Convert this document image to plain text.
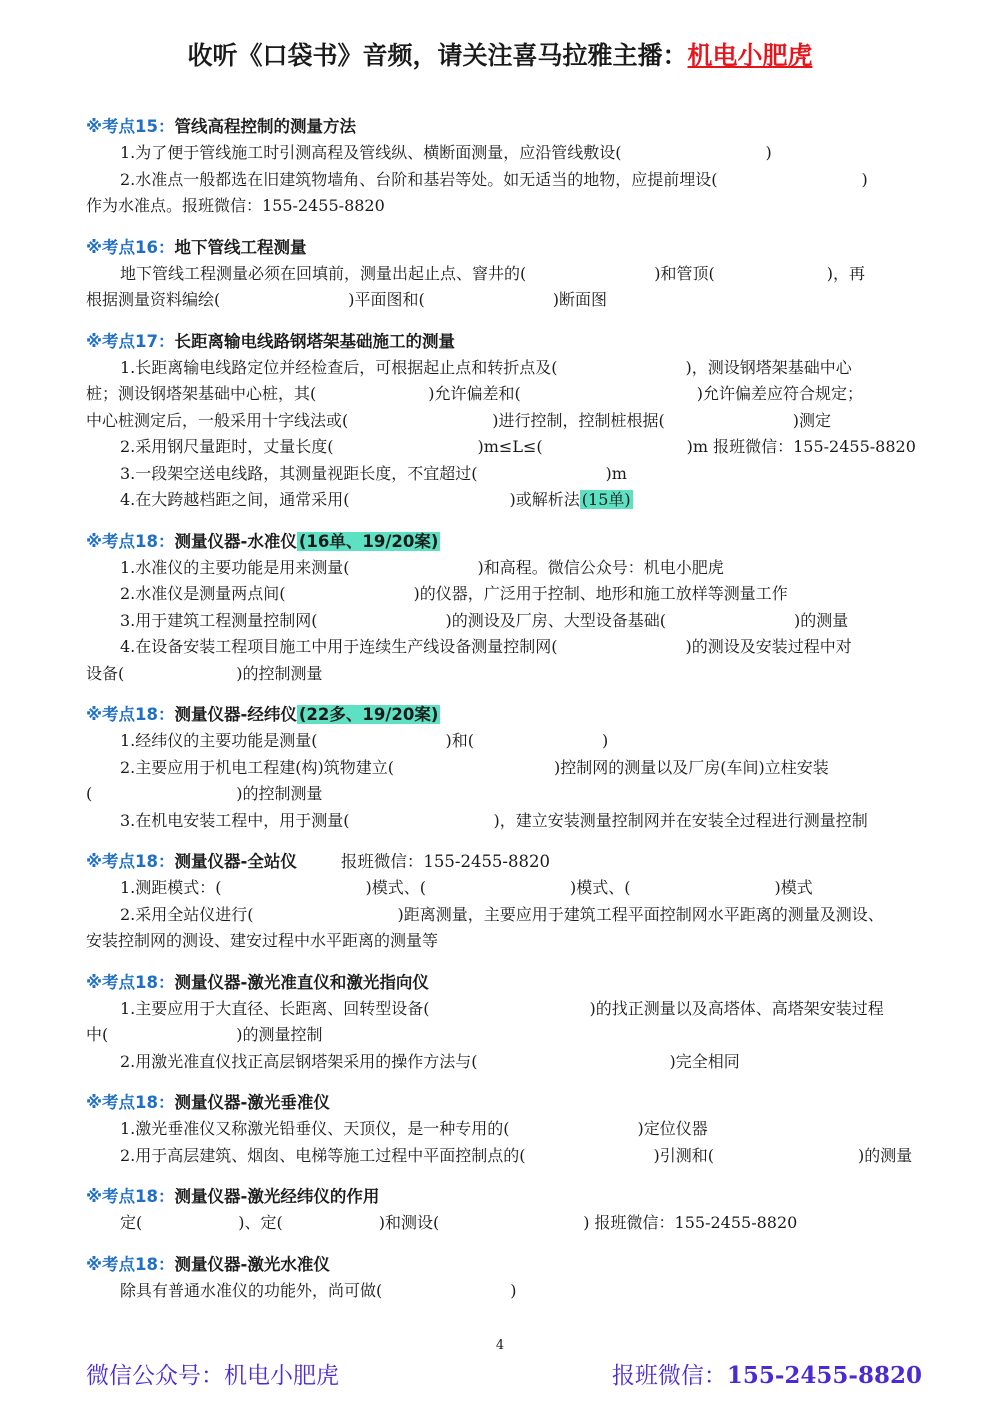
收听《口袋书》音频，请关注喜马拉雅主播：机电小肥虎
※考点15：管线高程控制的测量方法
1.为了便于管线施工时引测高程及管线纵、横断面测量，应沿管线敷设(　　　　　　　　　)
2.水准点一般都选在旧建筑物墙角、台阶和基岩等处。如无适当的地物，应提前埋设(　　　　　　　　　)
作为水准点。报班微信：155-2455-8820
※考点16：地下管线工程测量
地下管线工程测量必须在回填前，测量出起止点、窨井的(　　　　　　　　)和管顶(　　　　　　　)，再
根据测量资料编绘(　　　　　　　　)平面图和(　　　　　　　　)断面图
※考点17：长距离输电线路钢塔架基础施工的测量
1.长距离输电线路定位并经检查后，可根据起止点和转折点及(　　　　　　　　)，测设钢塔架基础中心
桩；测设钢塔架基础中心桩，其(　　　　　　　)允许偏差和(　　　　　　　　　　　)允许偏差应符合规定；
中心桩测定后，一般采用十字线法或(　　　　　　　　　)进行控制，控制桩根据(　　　　　　　　)测定
2.采用钢尺量距时，丈量长度(　　　　　　　　　)m≤L≤(　　　　　　　　　)m 报班微信：155-2455-8820
3.一段架空送电线路，其测量视距长度，不宜超过(　　　　　　　　)m
4.在大跨越档距之间，通常采用(　　　　　　　　　　)或解析法 (15单)
※考点18：测量仪器-水准仪 (16单、19/20案)
1.水准仪的主要功能是用来测量(　　　　　　　　)和高程。微信公众号：机电小肥虎
2.水准仪是测量两点间(　　　　　　　　)的仪器，广泛用于控制、地形和施工放样等测量工作
3.用于建筑工程测量控制网(　　　　　　　　)的测设及厂房、大型设备基础(　　　　　　　　)的测量
4.在设备安装工程项目施工中用于连续生产线设备测量控制网(　　　　　　　　)的测设及安装过程中对
设备(　　　　　　　)的控制测量
※考点18：测量仪器-经纬仪 (22多、19/20案)
1.经纬仪的主要功能是测量(　　　　　　　　)和(　　　　　　　　)
2.主要应用于机电工程建(构)筑物建立(　　　　　　　　　　)控制网的测量以及厂房(车间)立柱安装
(　　　　　　　　　)的控制测量
3.在机电安装工程中，用于测量(　　　　　　　　　)，建立安装测量控制网并在安装全过程进行测量控制
※考点18：测量仪器-全站仪	报班微信：155-2455-8820
1.测距模式：(　　　　　　　　　)模式、(　　　　　　　　　)模式、(　　　　　　　　　)模式
2.采用全站仪进行(　　　　　　　　　)距离测量，主要应用于建筑工程平面控制网水平距离的测量及测设、
安装控制网的测设、建安过程中水平距离的测量等
※考点18：测量仪器-激光准直仪和激光指向仪
1.主要应用于大直径、长距离、回转型设备(　　　　　　　　　　)的找正测量以及高塔体、高塔架安装过程
中(　　　　　　　　)的测量控制
2.用激光准直仪找正高层钢塔架采用的操作方法与(　　　　　　　　　　　　)完全相同
※考点18：测量仪器-激光垂准仪
1.激光垂准仪又称激光铅垂仪、天顶仪，是一种专用的(　　　　　　　　)定位仪器
2.用于高层建筑、烟囱、电梯等施工过程中平面控制点的(　　　　　　　　)引测和(　　　　　　　　　)的测量
※考点18：测量仪器-激光经纬仪的作用
定(　　　　　　)、定(　　　　　　)和测设(　　　　　　　　　) 报班微信：155-2455-8820
※考点18：测量仪器-激光水准仪
除具有普通水准仪的功能外，尚可做(　　　　　　　　)
4
微信公众号：机电小肥虎	报班微信：155-2455-8820
